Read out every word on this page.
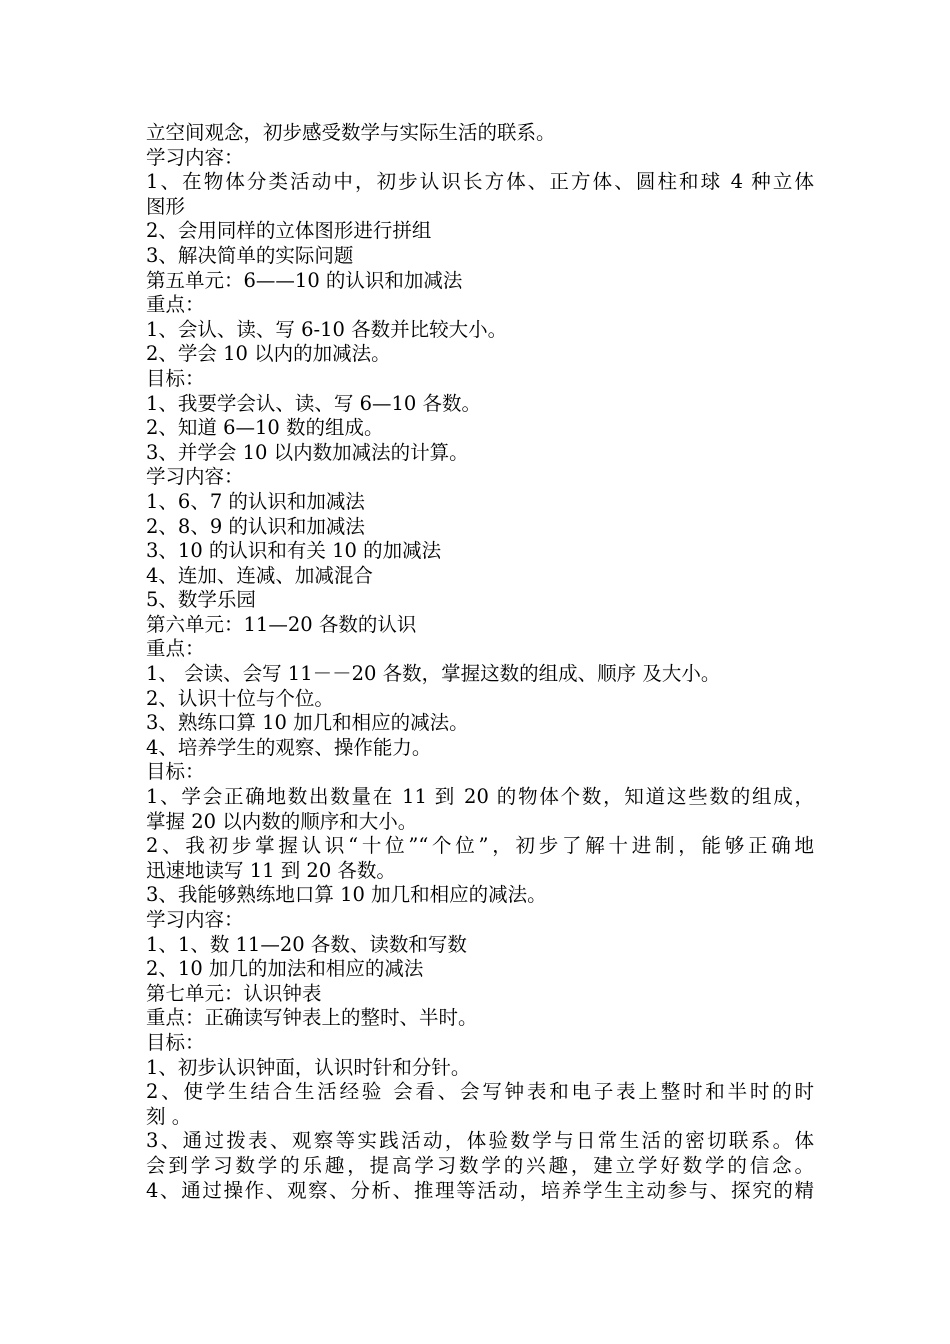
立空间观念，初步感受数学与实际生活的联系。
学习内容：
1、在物体分类活动中，初步认识长方体、正方体、圆柱和球 4 种立体
图形
2、会用同样的立体图形进行拼组
3、解决简单的实际问题
第五单元：6——10 的认识和加减法
重点：
1、会认、读、写 6-10 各数并比较大小。
2、学会 10 以内的加减法。
目标：
1、我要学会认、读、写 6—10 各数。
2、知道 6—10 数的组成。
3、并学会 10 以内数加减法的计算。
学习内容：
1、6、7 的认识和加减法
2、8、9 的认识和加减法
3、10 的认识和有关 10 的加减法
4、连加、连减、加减混合
5、数学乐园
第六单元：11—20 各数的认识
重点：
1、 会读、会写 11－－20 各数，掌握这数的组成、顺序 及大小。
2、认识十位与个位。
3、熟练口算 10 加几和相应的减法。
4、培养学生的观察、操作能力。
目标：
1、学会正确地数出数量在 11 到 20 的物体个数，知道这些数的组成，
掌握 20 以内数的顺序和大小。
2、我初步掌握认识“十位”“个位”，初步了解十进制，能够正确地
迅速地读写 11 到 20 各数。
3、我能够熟练地口算 10 加几和相应的减法。
学习内容：
1、1、数 11—20 各数、读数和写数
2、10 加几的加法和相应的减法
第七单元：认识钟表
重点：正确读写钟表上的整时、半时。
目标：
1、初步认识钟面，认识时针和分针。
2、使学生结合生活经验 会看、会写钟表和电子表上整时和半时的时
刻 。
3、通过拨表、观察等实践活动，体验数学与日常生活的密切联系。体
会到学习数学的乐趣，提高学习数学的兴趣，建立学好数学的信念。
4、通过操作、观察、分析、推理等活动，培养学生主动参与、探究的精
